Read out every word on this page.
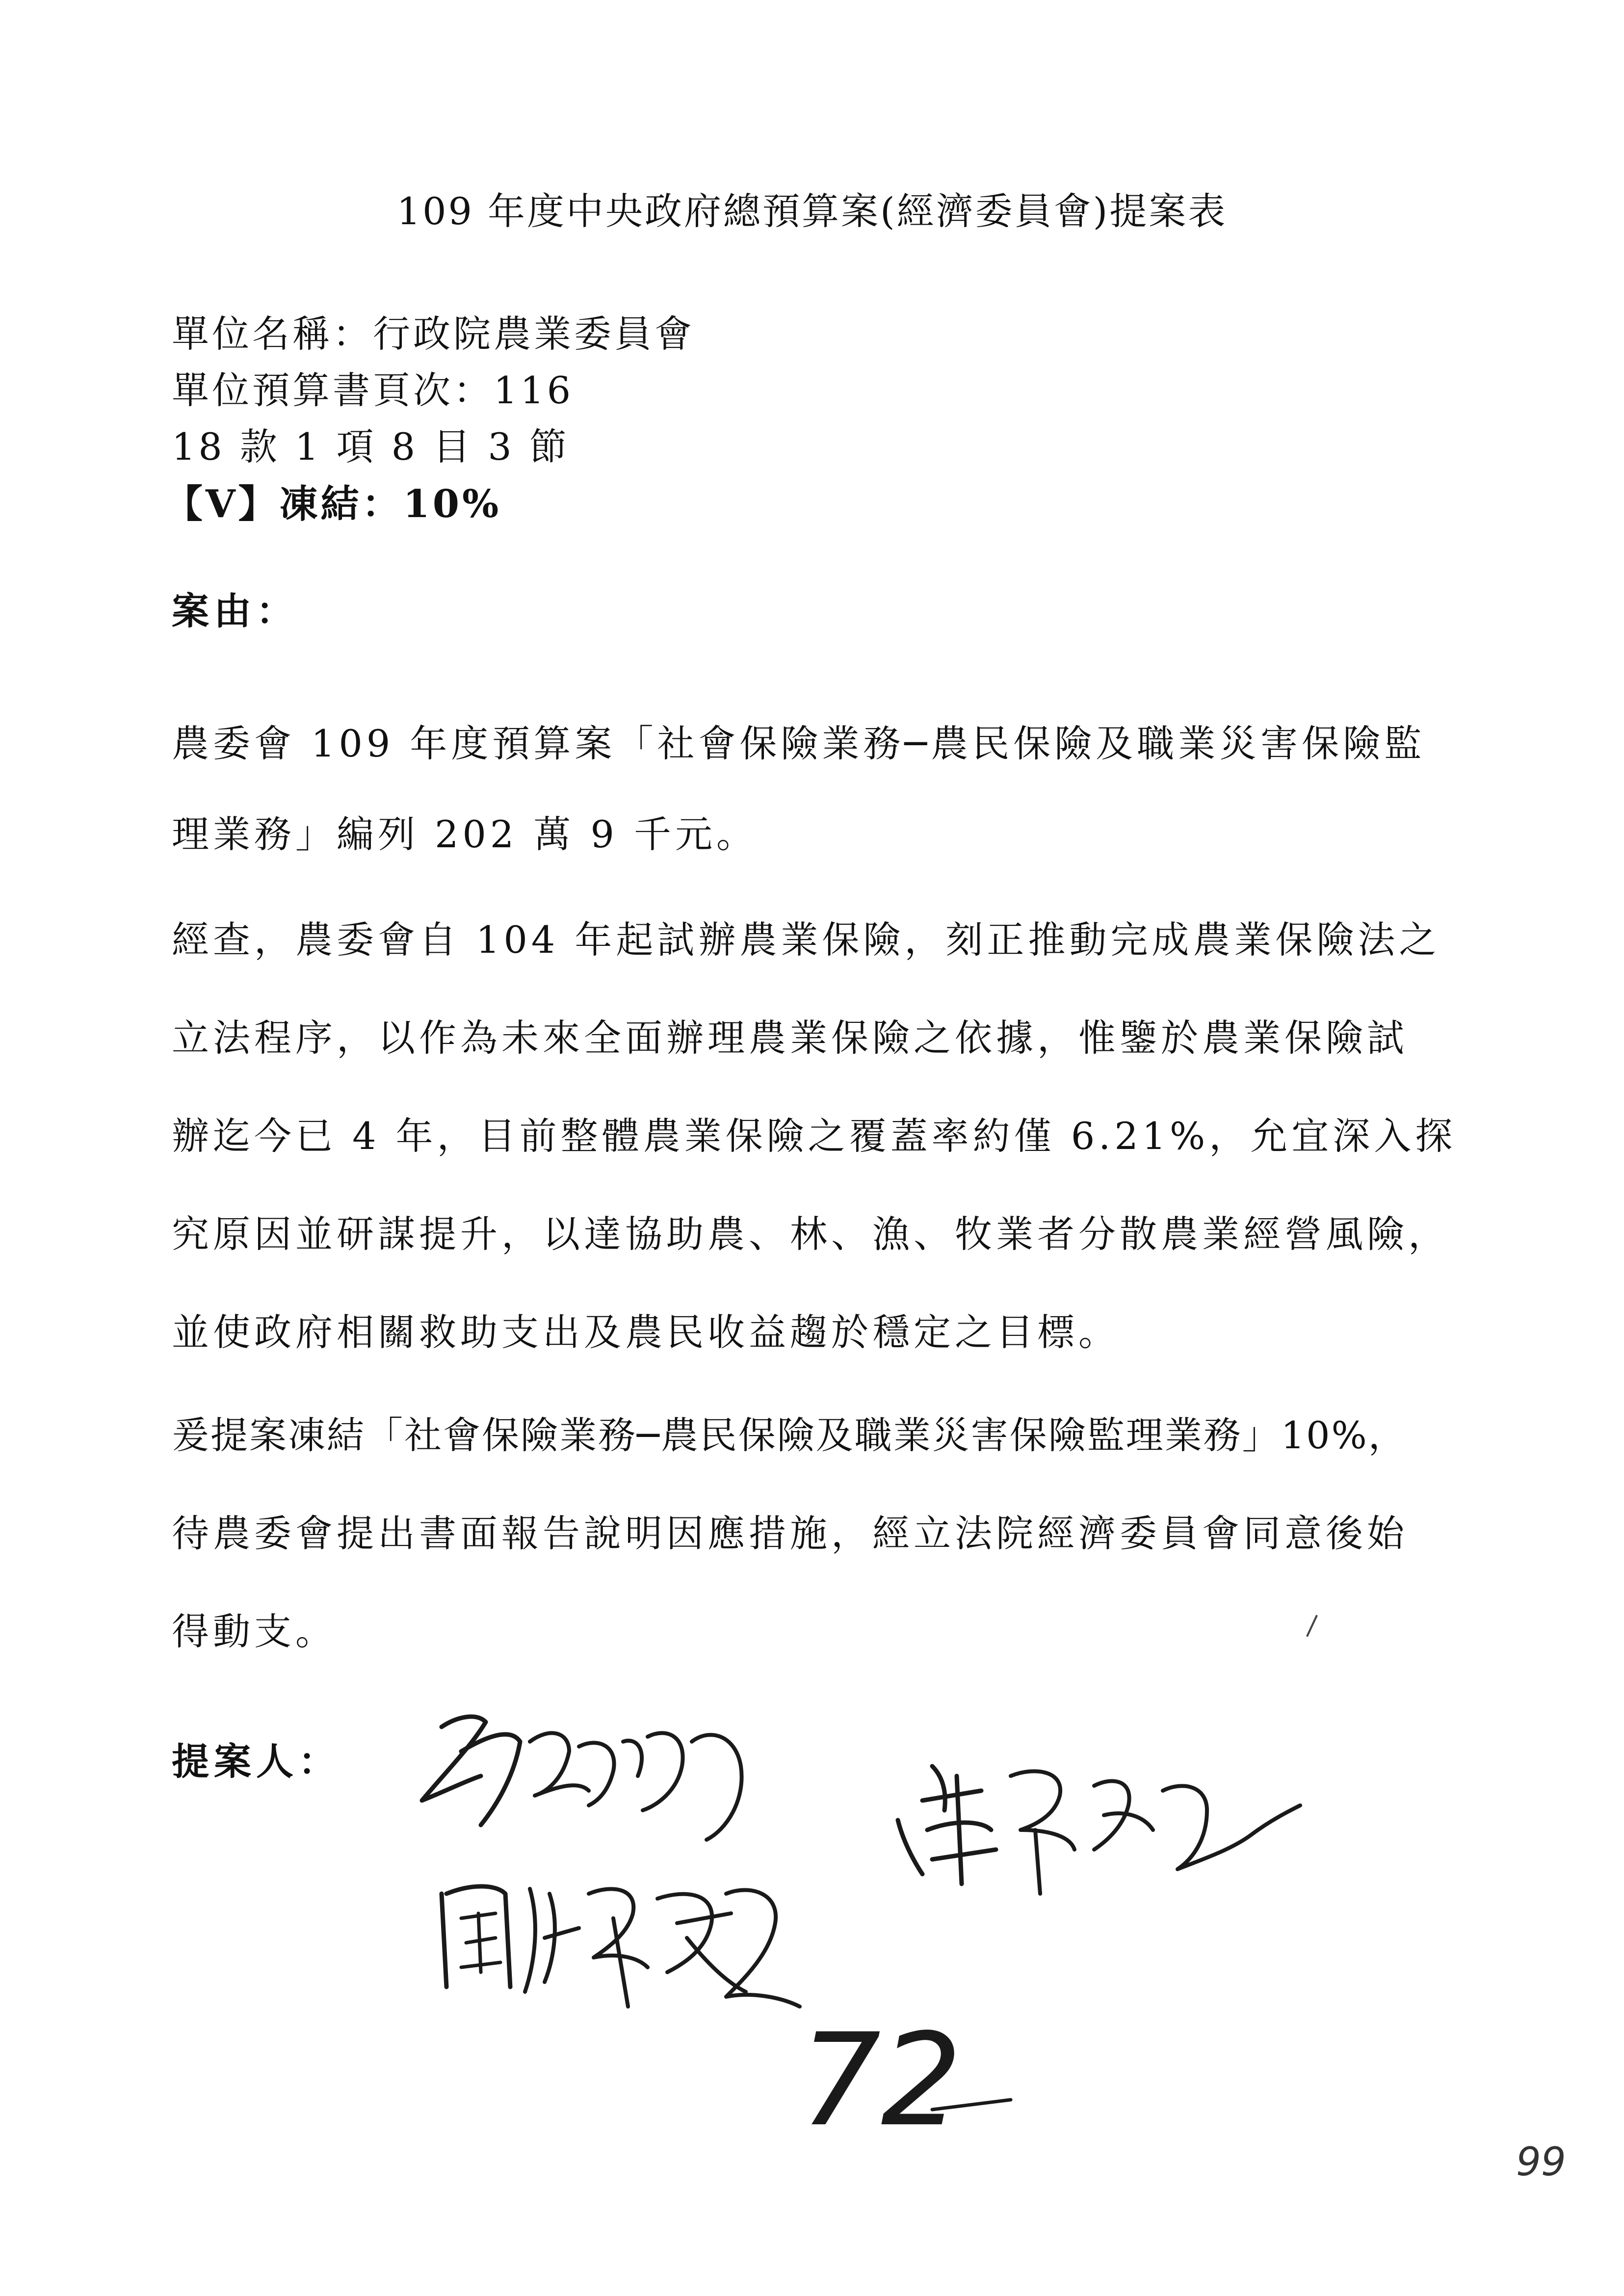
109 年度中央政府總預算案(經濟委員會)提案表
單位名稱：行政院農業委員會
單位預算書頁次：116
18 款 1 項 8 目 3 節
【V】凍結：10%
案由：
農委會 109 年度預算案「社會保險業務─農民保險及職業災害保險監
理業務」編列 202 萬 9 千元。
經查，農委會自 104 年起試辦農業保險，刻正推動完成農業保險法之
立法程序，以作為未來全面辦理農業保險之依據，惟鑒於農業保險試
辦迄今已 4 年，目前整體農業保險之覆蓋率約僅 6.21%，允宜深入探
究原因並研謀提升，以達協助農、林、漁、牧業者分散農業經營風險，
並使政府相關救助支出及農民收益趨於穩定之目標。
爰提案凍結「社會保險業務─農民保險及職業災害保險監理業務」10%，
待農委會提出書面報告說明因應措施，經立法院經濟委員會同意後始
得動支。
提案人：
72
99
